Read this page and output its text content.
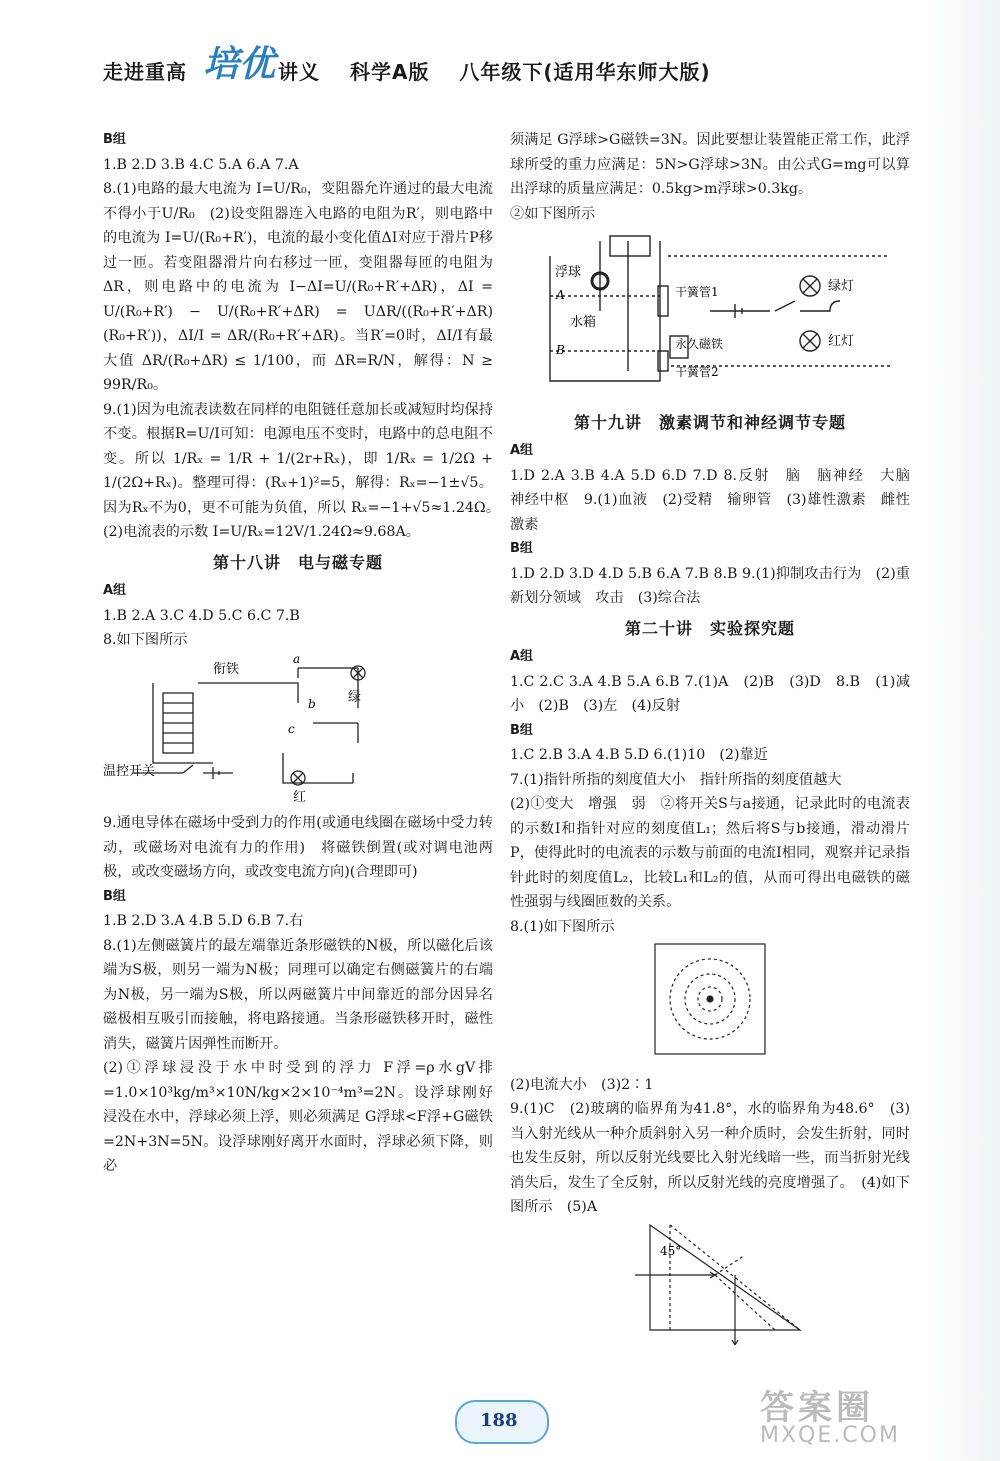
走进重高 培优 讲义 科学A版 八年级下(适用华东师大版)

B组

1.B 2.D 3.B 4.C 5.A 6.A 7.A

8.(1)电路的最大电流为 I=U/R₀，变阻器允许通过的最大电流不得小于U/R₀　(2)设变阻器连入电路的电阻为R′，则电路中的电流为 I=U/(R₀+R′)，电流的最小变化值ΔI对应于滑片P移过一匝。若变阻器滑片向右移过一匝，变阻器每匝的电阻为ΔR，则电路中的电流为 I−ΔI=U/(R₀+R′+ΔR)，ΔI = U/(R₀+R′) − U/(R₀+R′+ΔR) = UΔR/((R₀+R′+ΔR)(R₀+R′))，ΔI/I = ΔR/(R₀+R′+ΔR)。当R′=0时，ΔI/I有最大值 ΔR/(R₀+ΔR) ≤ 1/100，而 ΔR=R/N，解得：N ≥ 99R/R₀。

9.(1)因为电流表读数在同样的电阻链任意加长或减短时均保持不变。根据R=U/I可知：电源电压不变时，电路中的总电阻不变。所以 1/Rₓ = 1/R + 1/(2r+Rₓ)，即 1/Rₓ = 1/2Ω + 1/(2Ω+Rₓ)。整理可得：(Rₓ+1)²=5，解得：Rₓ=−1±√5。因为Rₓ不为0，更不可能为负值，所以 Rₓ=−1+√5≈1.24Ω。　(2)电流表的示数 I=U/Rₓ=12V/1.24Ω≈9.68A。

第十八讲　电与磁专题

A组

1.B 2.A 3.C 4.D 5.C 6.C 7.B

8.如下图所示

衔铁
a
b
c
绿
红
温控开关

9.通电导体在磁场中受到力的作用(或通电线圈在磁场中受力转动，或磁场对电流有力的作用)　将磁铁倒置(或对调电池两极，或改变磁场方向，或改变电流方向)(合理即可)

B组

1.B 2.D 3.A 4.B 5.D 6.B 7.右

8.(1)左侧磁簧片的最左端靠近条形磁铁的N极，所以磁化后该端为S极，则另一端为N极；同理可以确定右侧磁簧片的右端为N极，另一端为S极，所以两磁簧片中间靠近的部分因异名磁极相互吸引而接触，将电路接通。当条形磁铁移开时，磁性消失，磁簧片因弹性而断开。

(2)①浮球浸没于水中时受到的浮力 F浮=ρ水gV排=1.0×10³kg/m³×10N/kg×2×10⁻⁴m³=2N。设浮球刚好浸没在水中，浮球必须上浮，则必须满足 G浮球<F浮+G磁铁=2N+3N=5N。设浮球刚好离开水面时，浮球必须下降，则必

须满足 G浮球>G磁铁=3N。因此要想让装置能正常工作，此浮球所受的重力应满足：5N>G浮球>3N。由公式G=mg可以算出浮球的质量应满足：0.5kg>m浮球>0.3kg。

②如下图所示

浮球
水箱
干簧管1
永久磁铁
干簧管2
绿灯
红灯
A
B
第十九讲　激素调节和神经调节专题

A组

1.D 2.A 3.B 4.A 5.D 6.D 7.D 8.反射　脑　脑神经　大脑　神经中枢　9.(1)血液　(2)受精　输卵管　(3)雄性激素　雌性激素

B组

1.D 2.D 3.D 4.D 5.B 6.A 7.B 8.B 9.(1)抑制攻击行为　(2)重新划分领域　攻击　(3)综合法

第二十讲　实验探究题

A组

1.C 2.C 3.A 4.B 5.A 6.B 7.(1)A　(2)B　(3)D　8.B　(1)减小　(2)B　(3)左　(4)反射

B组

1.C 2.B 3.A 4.B 5.D 6.(1)10　(2)靠近

7.(1)指针所指的刻度值大小　指针所指的刻度值越大

(2)①变大　增强　弱　②将开关S与a接通，记录此时的电流表的示数I和指针对应的刻度值L₁；然后将S与b接通，滑动滑片P，使得此时的电流表的示数与前面的电流I相同，观察并记录指针此时的刻度值L₂，比较L₁和L₂的值，从而可得出电磁铁的磁性强弱与线圈匝数的关系。

8.(1)如下图所示

(2)电流大小　(3)2∶1

9.(1)C　(2)玻璃的临界角为41.8°，水的临界角为48.6°　(3)当入射光线从一种介质斜射入另一种介质时，会发生折射，同时也发生反射，所以反射光线要比入射光线暗一些，而当折射光线消失后，发生了全反射，所以反射光线的亮度增强了。　(4)如下图所示　(5)A

45°
188	答案圈
MXQE.COM
